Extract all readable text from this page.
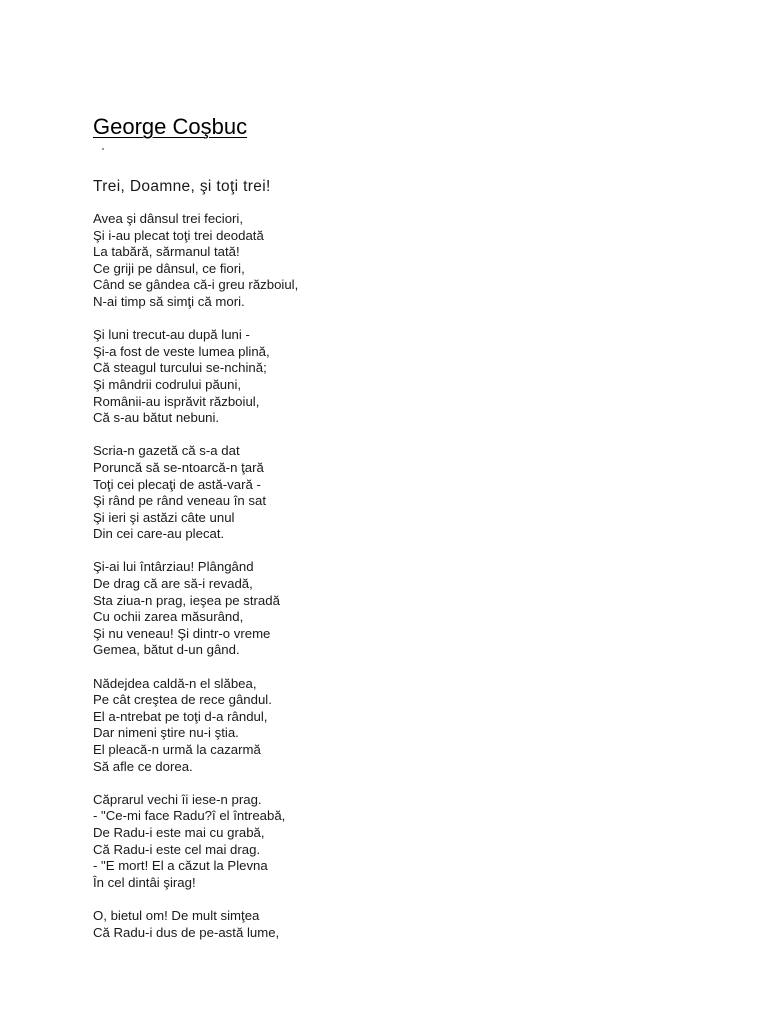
George Coşbuc
Trei, Doamne, şi toţi trei!
Avea şi dânsul trei feciori,
Şi i-au plecat toţi trei deodată
La tabără, sărmanul tată!
Ce griji pe dânsul, ce fiori,
Când se gândea că-i greu războiul,
N-ai timp să simţi că mori.
Şi luni trecut-au după luni -
Şi-a fost de veste lumea plină,
Că steagul turcului se-nchină;
Şi mândrii codrului păuni,
Românii-au isprăvit războiul,
Că s-au bătut nebuni.
Scria-n gazetă că s-a dat
Poruncă să se-ntoarcă-n ţară
Toţi cei plecaţi de astă-vară -
Şi rând pe rând veneau în sat
Şi ieri şi astăzi câte unul
Din cei care-au plecat.
Şi-ai lui întârziau! Plângând
De drag că are să-i revadă,
Sta ziua-n prag, ieşea pe stradă
Cu ochii zarea măsurând,
Şi nu veneau! Şi dintr-o vreme
Gemea, bătut d-un gând.
Nădejdea caldă-n el slăbea,
Pe cât creştea de rece gândul.
El a-ntrebat pe toţi d-a rândul,
Dar nimeni ştire nu-i ştia.
El pleacă-n urmă la cazarmă
Să afle ce dorea.
Căprarul vechi îi iese-n prag.
- "Ce-mi face Radu?î el întreabă,
De Radu-i este mai cu grabă,
Că Radu-i este cel mai drag.
- "E mort! El a căzut la Plevna
În cel dintâi şirag!
O, bietul om! De mult simţea
Că Radu-i dus de pe-astă lume,
